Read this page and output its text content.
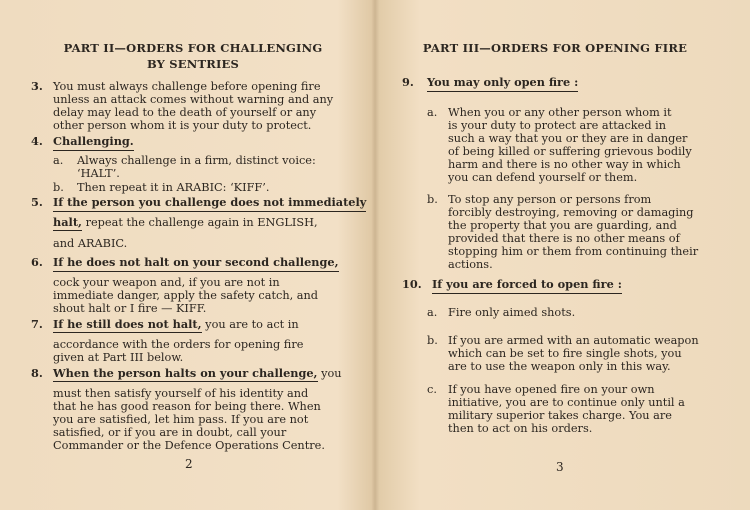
PART II—ORDERS FOR CHALLENGING
BY SENTRIES
3. You must always challenge before opening fire
unless an attack comes without warning and any
delay may lead to the death of yourself or any
other person whom it is your duty to protect.
4. Challenging.
a. Always challenge in a firm, distinct voice:
‘HALT’.
b. Then repeat it in ARABIC: ‘KIFF’.
5. If the person you challenge does not immediately
halt, repeat the challenge again in ENGLISH,
and ARABIC.
6. If he does not halt on your second challenge,
cock your weapon and, if you are not in
immediate danger, apply the safety catch, and
shout halt or I fire — KIFF.
7. If he still does not halt, you are to act in
accordance with the orders for opening fire
given at Part III below.
8. When the person halts on your challenge, you
must then satisfy yourself of his identity and
that he has good reason for being there. When
you are satisfied, let him pass. If you are not
satisfied, or if you are in doubt, call your
Commander or the Defence Operations Centre.
2
PART III—ORDERS FOR OPENING FIRE
9. You may only open fire :
a. When you or any other person whom it
is your duty to protect are attacked in
such a way that you or they are in danger
of being killed or suffering grievous bodily
harm and there is no other way in which
you can defend yourself or them.
b. To stop any person or persons from
forcibly destroying, removing or damaging
the property that you are guarding, and
provided that there is no other means of
stopping him or them from continuing their
actions.
10. If you are forced to open fire :
a. Fire only aimed shots.
b. If you are armed with an automatic weapon
which can be set to fire single shots, you
are to use the weapon only in this way.
c. If you have opened fire on your own
initiative, you are to continue only until a
military superior takes charge. You are
then to act on his orders.
3
